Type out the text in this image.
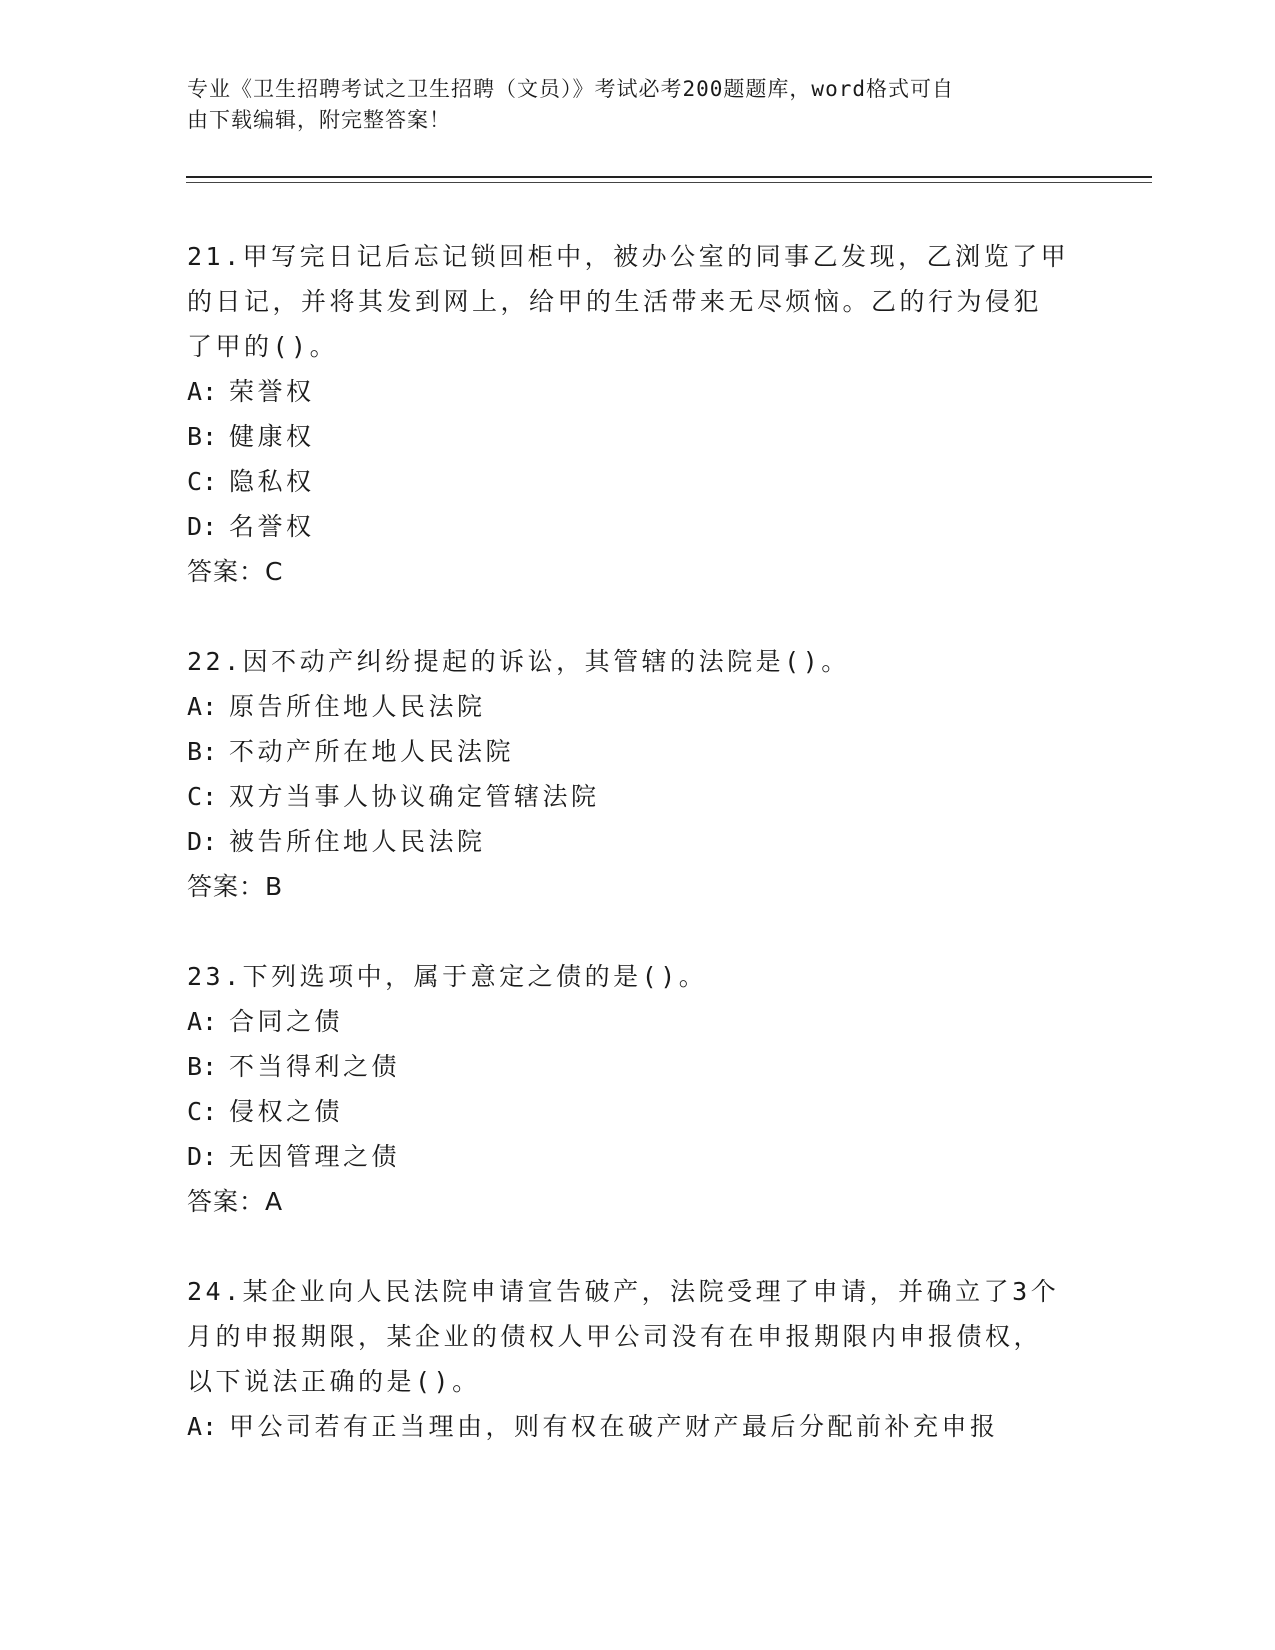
专业《卫生招聘考试之卫生招聘（文员）》考试必考200题题库，word格式可自
由下载编辑，附完整答案！

21.甲写完日记后忘记锁回柜中，被办公室的同事乙发现，乙浏览了甲

的日记，并将其发到网上，给甲的生活带来无尽烦恼。乙的行为侵犯

了甲的()。

A: 荣誉权

B: 健康权

C: 隐私权

D: 名誉权

答案：C

22.因不动产纠纷提起的诉讼，其管辖的法院是()。

A: 原告所住地人民法院

B: 不动产所在地人民法院

C: 双方当事人协议确定管辖法院

D: 被告所住地人民法院

答案：B

23.下列选项中，属于意定之债的是()。

A: 合同之债

B: 不当得利之债

C: 侵权之债

D: 无因管理之债

答案：A

24.某企业向人民法院申请宣告破产，法院受理了申请，并确立了3个

月的申报期限，某企业的债权人甲公司没有在申报期限内申报债权，

以下说法正确的是()。

A: 甲公司若有正当理由，则有权在破产财产最后分配前补充申报
